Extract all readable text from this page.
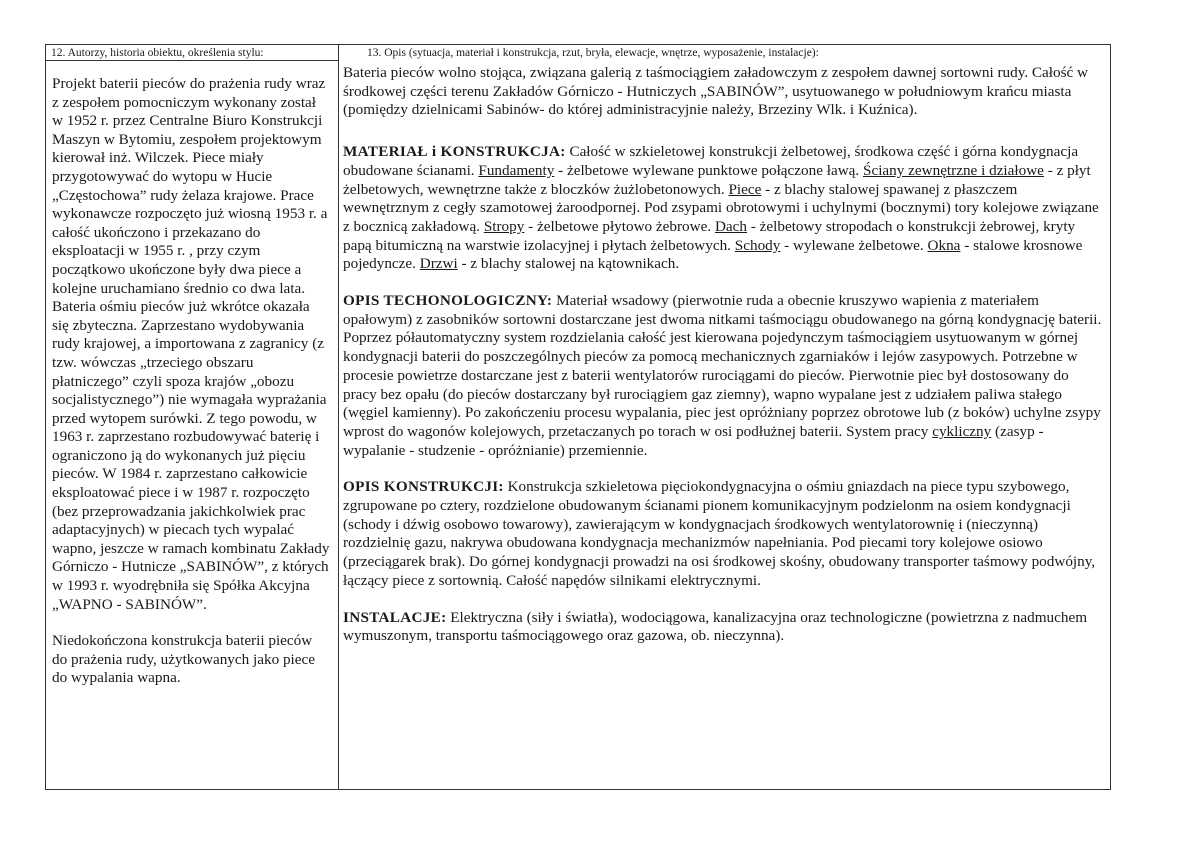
12. Autorzy, historia obiektu, określenia stylu:

Projekt baterii pieców do prażenia rudy wraz z zespołem pomocniczym wykonany został w 1952 r. przez Centralne Biuro Konstrukcji Maszyn w Bytomiu, zespołem projektowym kierował inż. Wilczek. Piece miały przygotowywać do wytopu w Hucie „Częstochowa” rudy żelaza krajowe. Prace wykonawcze rozpoczęto już wiosną 1953 r. a całość ukończono i przekazano do eksploatacji w 1955 r. , przy czym początkowo ukończone były dwa piece a kolejne uruchamiano średnio co dwa lata. Bateria ośmiu pieców już wkrótce okazała się zbyteczna. Zaprzestano wydobywania rudy krajowej, a importowana z zagranicy (z tzw. wówczas „trzeciego obszaru płatniczego” czyli spoza krajów „obozu socjalistycznego”) nie wymagała wyprażania przed wytopem surówki. Z tego powodu, w 1963 r. zaprzestano rozbudowywać baterię i ograniczono ją do wykonanych już pięciu pieców. W 1984 r. zaprzestano całkowicie eksploatować piece i w 1987 r. rozpoczęto (bez przeprowadzania jakichkolwiek prac adaptacyjnych) w piecach tych wypalać wapno, jeszcze w ramach kombinatu Zakłady Górniczo - Hutnicze „SABINÓW”, z których w 1993 r. wyodrębniła się Spółka Akcyjna „WAPNO - SABINÓW”.

Niedokończona konstrukcja baterii pieców do prażenia rudy, użytkowanych jako piece do wypalania wapna.

13. Opis (sytuacja, materiał i konstrukcja, rzut, bryła, elewacje, wnętrze, wyposażenie, instalacje):

Bateria pieców wolno stojąca, związana galerią z taśmociągiem załadowczym z zespołem dawnej sortowni rudy. Całość w środkowej części terenu Zakładów Górniczo - Hutniczych „SABINÓW”, usytuowanego w południowym krańcu miasta (pomiędzy dzielnicami Sabinów- do której administracyjnie należy, Brzeziny Wlk. i Kuźnica).

MATERIAŁ i KONSTRUKCJA: Całość w szkieletowej konstrukcji żelbetowej, środkowa część i górna kondygnacja obudowane ścianami. Fundamenty - żelbetowe wylewane punktowe połączone ławą. Ściany zewnętrzne i działowe - z płyt żelbetowych, wewnętrzne także z bloczków żużlobetonowych. Piece - z blachy stalowej spawanej z płaszczem wewnętrznym z cegły szamotowej żaroodpornej. Pod zsypami obrotowymi i uchylnymi (bocznymi) tory kolejowe związane z bocznicą zakładową. Stropy - żelbetowe płytowo żebrowe. Dach - żelbetowy stropodach o konstrukcji żebrowej, kryty papą bitumiczną na warstwie izolacyjnej i płytach żelbetowych. Schody - wylewane żelbetowe. Okna - stalowe krosnowe pojedyncze. Drzwi - z blachy stalowej na kątownikach.

OPIS TECHONOLOGICZNY: Materiał wsadowy (pierwotnie ruda a obecnie kruszywo wapienia z materiałem opałowym) z zasobników sortowni dostarczane jest dwoma nitkami taśmociągu obudowanego na górną kondygnację baterii. Poprzez półautomatyczny system rozdzielania całość jest kierowana pojedynczym taśmociągiem usytuowanym w górnej kondygnacji baterii do poszczególnych pieców za pomocą mechanicznych zgarniaków i lejów zasypowych. Potrzebne w procesie powietrze dostarczane jest z baterii wentylatorów rurociągami do pieców. Pierwotnie piec był dostosowany do pracy bez opału (do pieców dostarczany był rurociągiem gaz ziemny), wapno wypalane jest z udziałem paliwa stałego (węgiel kamienny). Po zakończeniu procesu wypalania, piec jest opróżniany poprzez obrotowe lub (z boków) uchylne zsypy wprost do wagonów kolejowych, przetaczanych po torach w osi podłużnej baterii. System pracy cykliczny (zasyp - wypalanie - studzenie - opróżnianie) przemiennie.

OPIS KONSTRUKCJI: Konstrukcja szkieletowa pięciokondygnacyjna o ośmiu gniazdach na piece typu szybowego, zgrupowane po cztery, rozdzielone obudowanym ścianami pionem komunikacyjnym podzielonm na osiem kondygnacji (schody i dźwig osobowo towarowy), zawierającym w kondygnacjach środkowych wentylatorownię i (nieczynną) rozdzielnię gazu, nakrywa obudowana kondygnacja mechanizmów napełniania. Pod piecami tory kolejowe osiowo (przeciągarek brak). Do górnej kondygnacji prowadzi na osi środkowej skośny, obudowany transporter taśmowy podwójny, łączący piece z sortownią. Całość napędów silnikami elektrycznymi.

INSTALACJE: Elektryczna (siły i światła), wodociągowa, kanalizacyjna oraz technologiczne (powietrzna z nadmuchem wymuszonym, transportu taśmociągowego oraz gazowa, ob. nieczynna).
